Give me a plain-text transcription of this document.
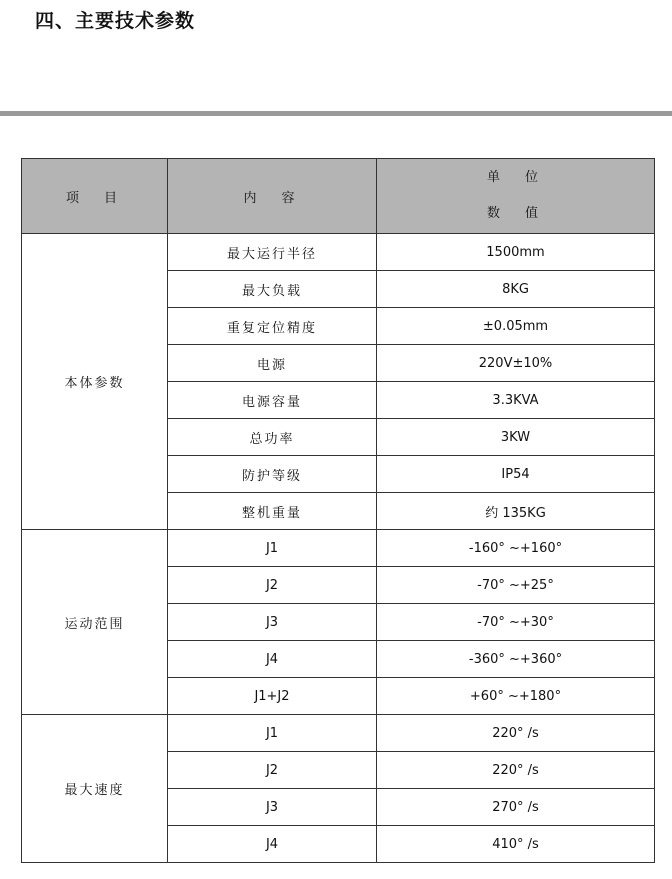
四、主要技术参数
项　目	内　容	单　位
数　值

本体参数	最大运行半径	1500mm
	最大负载	8KG
	重复定位精度	±0.05mm
	电源	220V±10%
	电源容量	3.3KVA
	总功率	3KW
	防护等级	IP54
	整机重量	约 135KG
运动范围	J1	-160° ~+160°
	J2	-70° ~+25°
	J3	-70° ~+30°
	J4	-360° ~+360°
	J1+J2	+60° ~+180°
最大速度	J1	220° /s
	J2	220° /s
	J3	270° /s
	J4	410° /s
